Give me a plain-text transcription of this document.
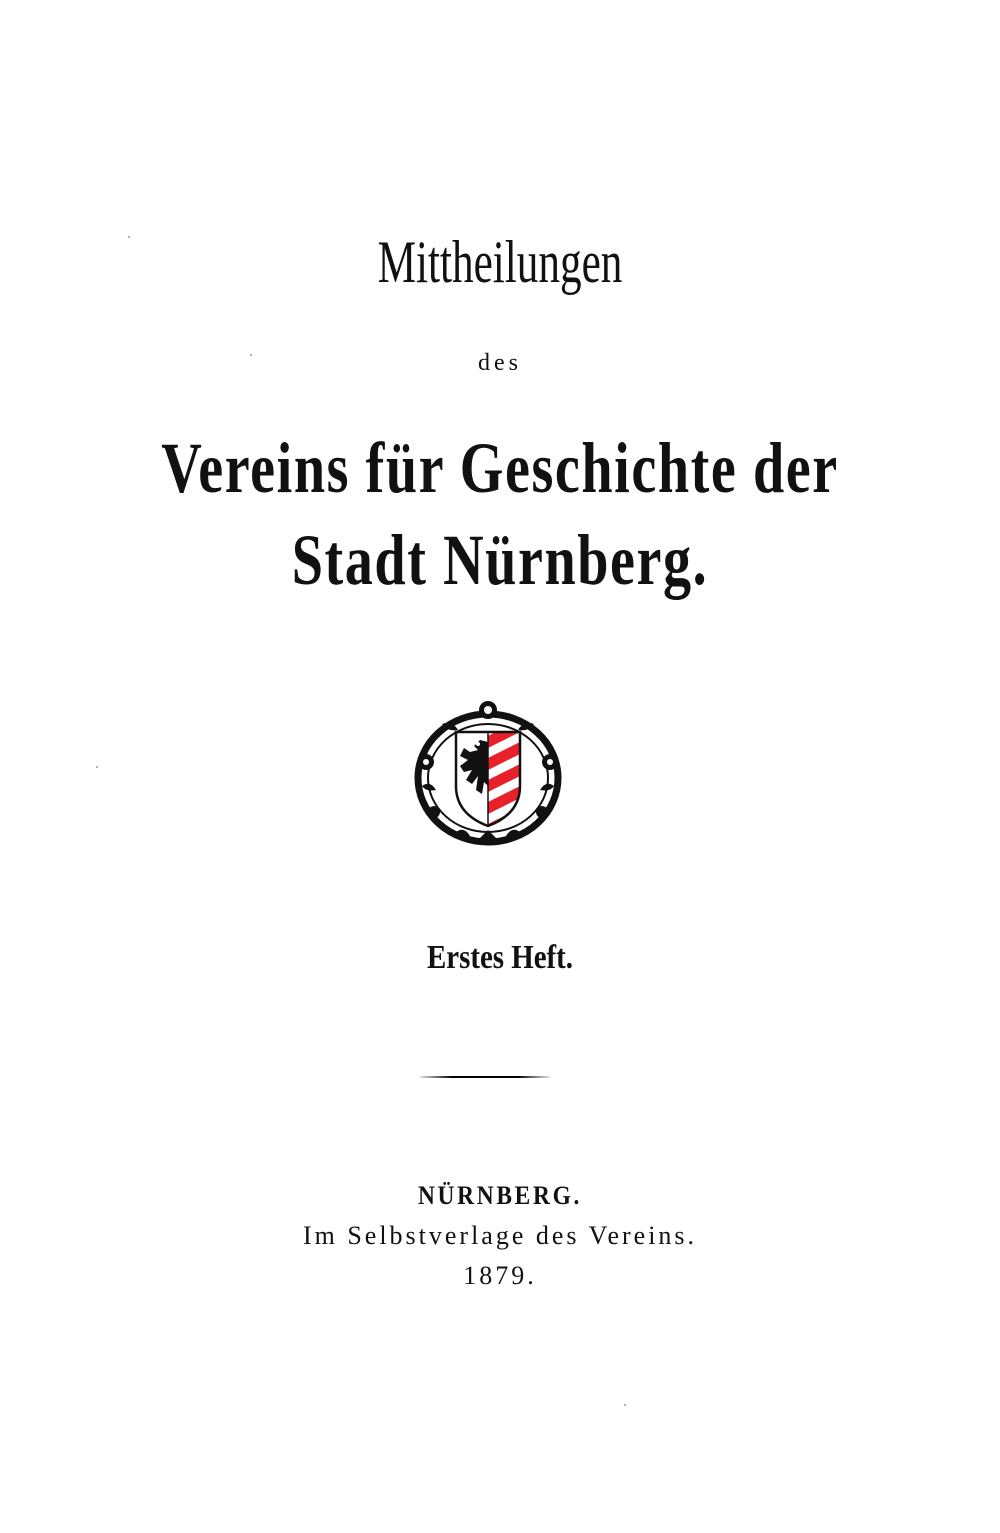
Mittheilungen
des
Vereins für Geschichte der
Stadt Nürnberg.
Erstes Heft.
NÜRNBERG.
Im Selbstverlage des Vereins.
1879.
